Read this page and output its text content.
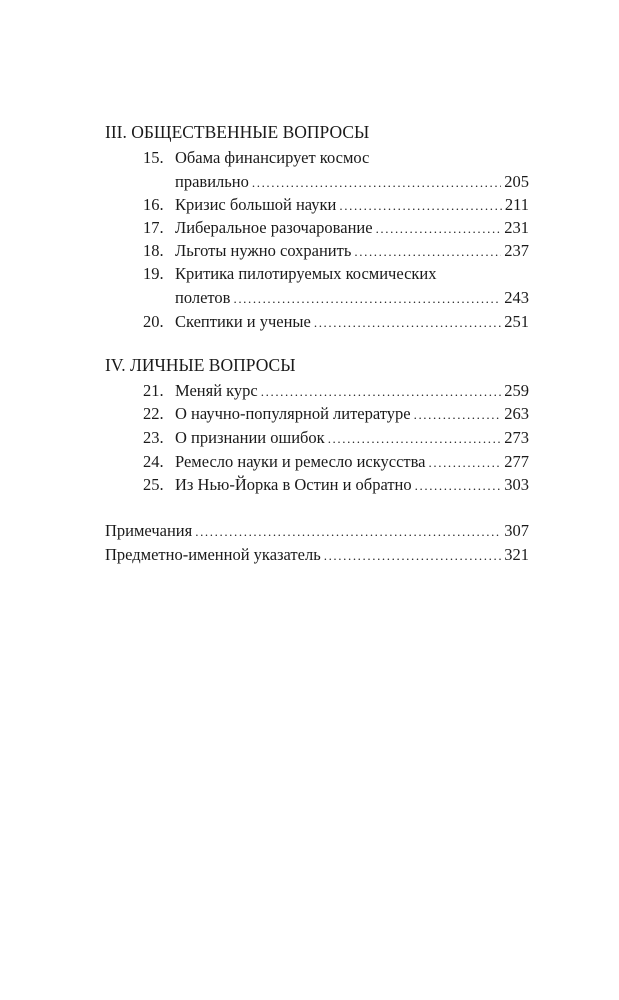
III. ОБЩЕСТВЕННЫЕ ВОПРОСЫ
15. Обама финансирует космос
правильно .....	205
16. Кризис большой науки .....	211
17. Либеральное разочарование .....	231
18. Льготы нужно сохранить .....	237
19. Критика пилотируемых космических
полетов .....	243
20. Скептики и ученые .....	251
IV. ЛИЧНЫЕ ВОПРОСЫ
21. Меняй курс .....	259
22. О научно-популярной литературе .....	263
23. О признании ошибок .....	273
24. Ремесло науки и ремесло искусства .....	277
25. Из Нью-Йорка в Остин и обратно .....	303
Примечания .....	307
Предметно-именной указатель .....	321
